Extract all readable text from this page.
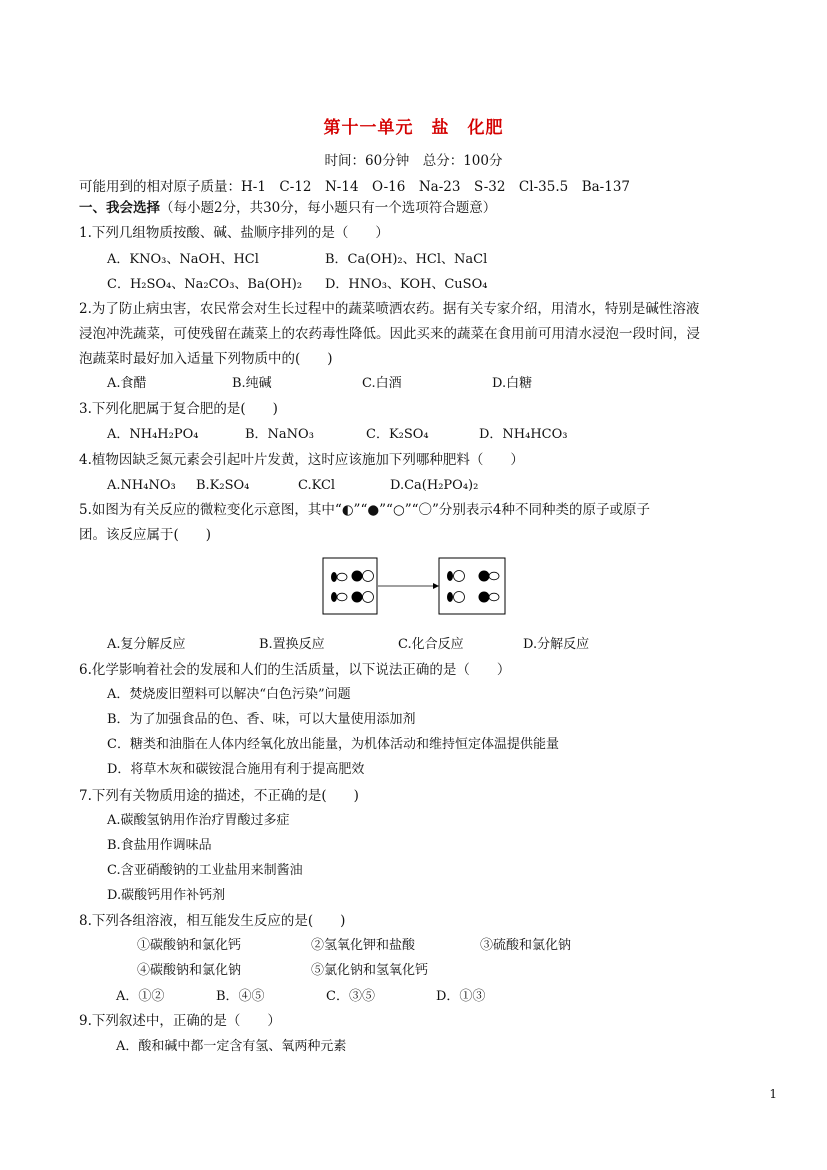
第十一单元　盐　化肥
时间：60分钟　总分：100分
可能用到的相对原子质量：H-1　C-12　N-14　O-16　Na-23　S-32　Cl-35.5　Ba-137
一、我会选择（每小题2分，共30分，每小题只有一个选项符合题意）
1.下列几组物质按酸、碱、盐顺序排列的是（　　）
A．KNO₃、NaOH、HCl	B．Ca(OH)₂、HCl、NaCl
C．H₂SO₄、Na₂CO₃、Ba(OH)₂ D．HNO₃、KOH、CuSO₄
2.为了防止病虫害，农民常会对生长过程中的蔬菜喷洒农药。据有关专家介绍，用清水，特别是碱性溶液
浸泡冲洗蔬菜，可使残留在蔬菜上的农药毒性降低。因此买来的蔬菜在食用前可用清水浸泡一段时间，浸
泡蔬菜时最好加入适量下列物质中的(　　)
A.食醋	B.纯碱	C.白酒	D.白糖
3.下列化肥属于复合肥的是(　　)
A．NH₄H₂PO₄	B．NaNO₃	C．K₂SO₄	D．NH₄HCO₃
4.植物因缺乏氮元素会引起叶片发黄，这时应该施加下列哪种肥料（　　）
A.NH₄NO₃ B.K₂SO₄	C.KCl	D.Ca(H₂PO₄)₂
5.如图为有关反应的微粒变化示意图，其中“◐”“●”“○”“〇”分别表示4种不同种类的原子或原子
团。该反应属于(　　)
A.复分解反应	B.置换反应	C.化合反应	D.分解反应
6.化学影响着社会的发展和人们的生活质量，以下说法正确的是（　　）
A．焚烧废旧塑料可以解决“白色污染”问题
B．为了加强食品的色、香、味，可以大量使用添加剂
C．糖类和油脂在人体内经氧化放出能量，为机体活动和维持恒定体温提供能量
D．将草木灰和碳铵混合施用有利于提高肥效
7.下列有关物质用途的描述，不正确的是(　　)
A.碳酸氢钠用作治疗胃酸过多症
B.食盐用作调味品
C.含亚硝酸钠的工业盐用来制酱油
D.碳酸钙用作补钙剂
8.下列各组溶液，相互能发生反应的是(　　)
①碳酸钠和氯化钙	②氢氧化钾和盐酸	③硫酸和氯化钠
④碳酸钠和氯化钠	⑤氯化钠和氢氧化钙
A．①②	B．④⑤	C．③⑤	D．①③
9.下列叙述中，正确的是（　　）
A．酸和碱中都一定含有氢、氧两种元素
1
